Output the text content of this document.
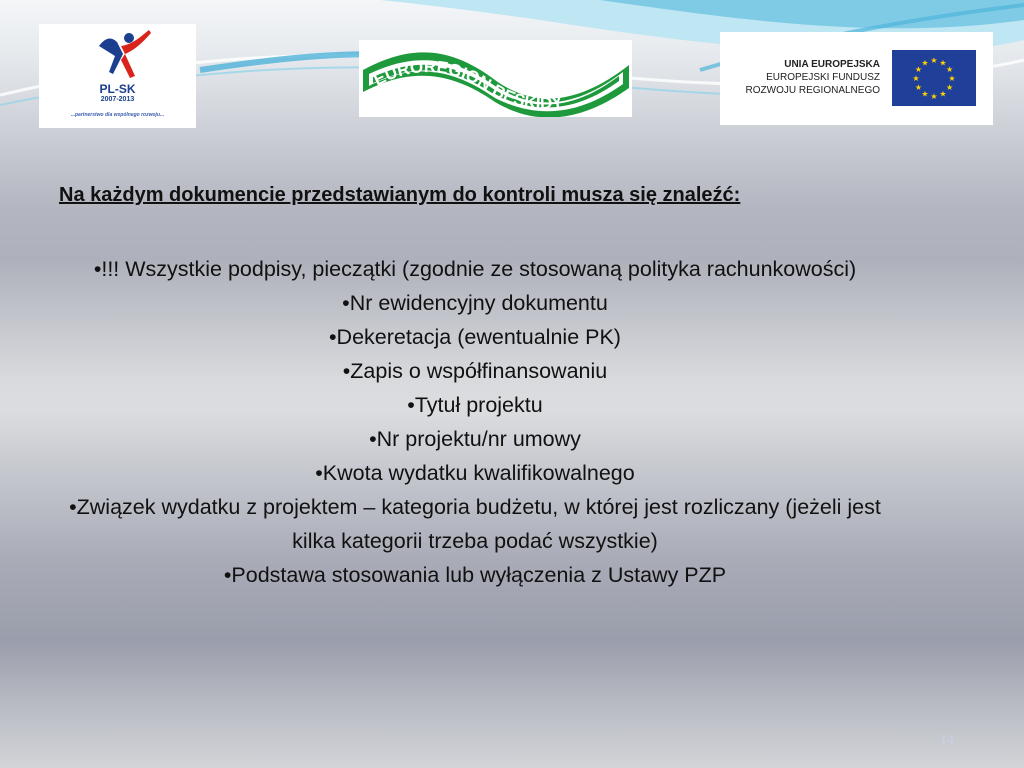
PL-SK
2007-2013
...partnerstwo dla wspólnego rozwoju...
EUROREGION BESKIDY
UNIA EUROPEJSKA
EUROPEJSKI FUNDUSZ
ROZWOJU REGIONALNEGO
★ ★
★
★
★
★
★
★
★
★
★
★
Na każdym dokumencie przedstawianym do kontroli musza się znaleźć:
•!!! Wszystkie podpisy, pieczątki (zgodnie ze stosowaną polityka rachunkowości)
•Nr ewidencyjny dokumentu
•Dekeretacja (ewentualnie PK)
•Zapis o współfinansowaniu
•Tytuł projektu
•Nr projektu/nr umowy
•Kwota wydatku kwalifikowalnego
•Związek wydatku z projektem – kategoria budżetu, w której jest rozliczany (jeżeli jest kilka kategorii trzeba podać wszystkie)
•Podstawa stosowania lub wyłączenia z Ustawy PZP
14
